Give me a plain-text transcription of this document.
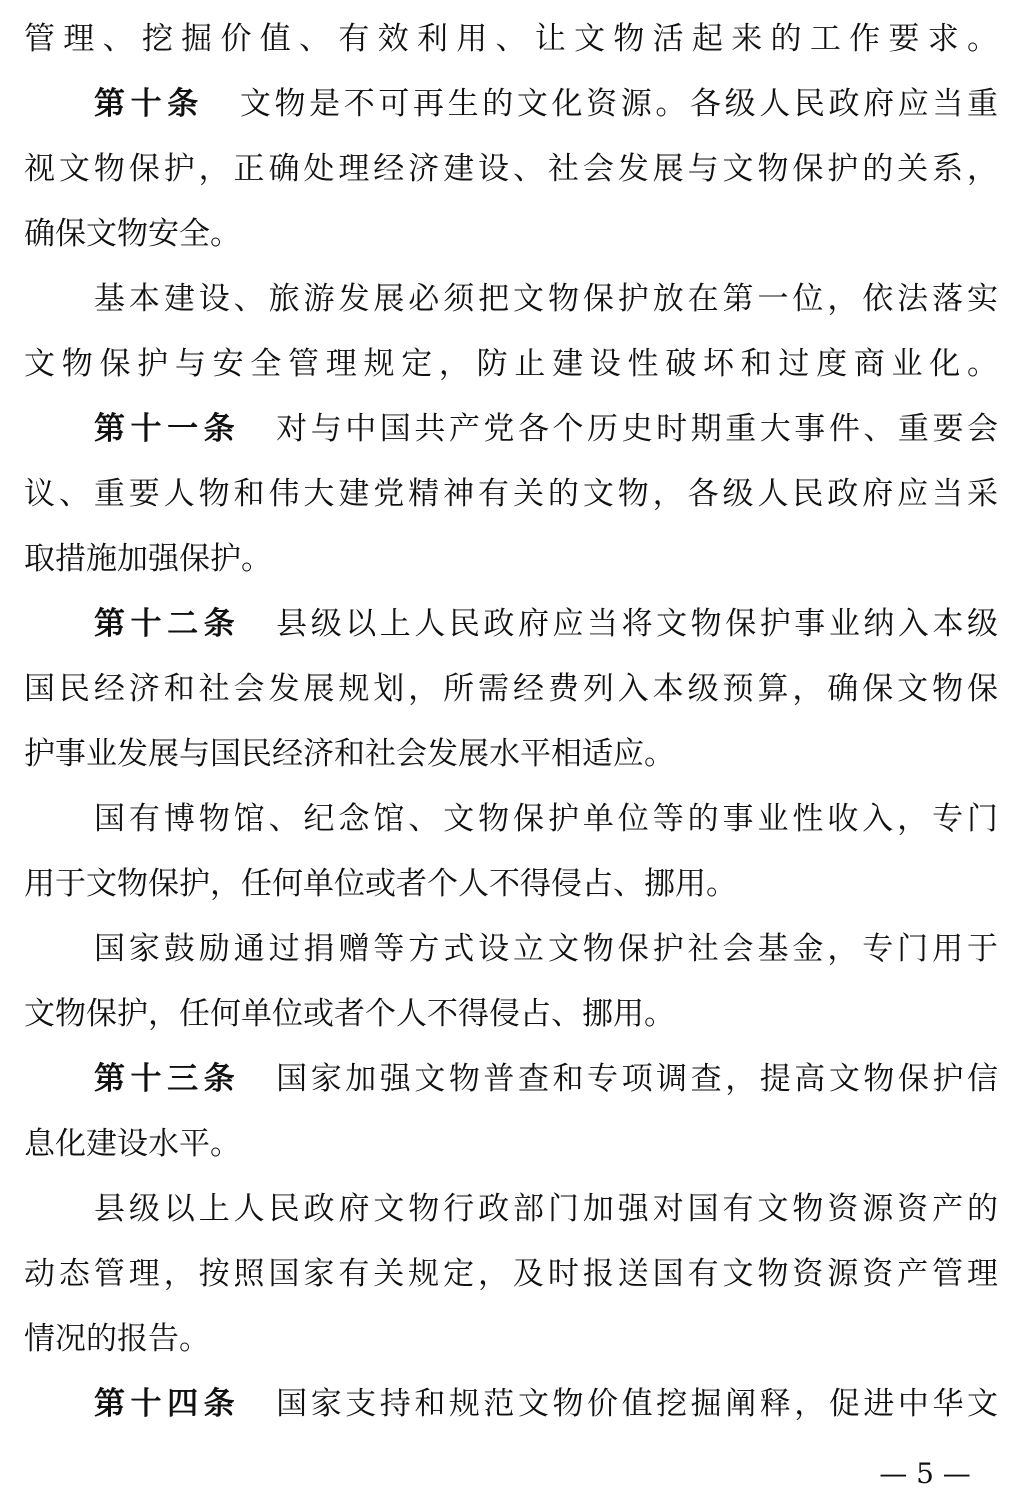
管理、挖掘价值、有效利用、让文物活起来的工作要求。
第十条 文物是不可再生的文化资源。各级人民政府应当重
视文物保护，正确处理经济建设、社会发展与文物保护的关系，
确保文物安全。
基本建设、旅游发展必须把文物保护放在第一位，依法落实
文物保护与安全管理规定，防止建设性破坏和过度商业化。
第十一条 对与中国共产党各个历史时期重大事件、重要会
议、重要人物和伟大建党精神有关的文物，各级人民政府应当采
取措施加强保护。
第十二条 县级以上人民政府应当将文物保护事业纳入本级
国民经济和社会发展规划，所需经费列入本级预算，确保文物保
护事业发展与国民经济和社会发展水平相适应。
国有博物馆、纪念馆、文物保护单位等的事业性收入，专门
用于文物保护，任何单位或者个人不得侵占、挪用。
国家鼓励通过捐赠等方式设立文物保护社会基金，专门用于
文物保护，任何单位或者个人不得侵占、挪用。
第十三条 国家加强文物普查和专项调查，提高文物保护信
息化建设水平。
县级以上人民政府文物行政部门加强对国有文物资源资产的
动态管理，按照国家有关规定，及时报送国有文物资源资产管理
情况的报告。
第十四条 国家支持和规范文物价值挖掘阐释，促进中华文
— 5 —
